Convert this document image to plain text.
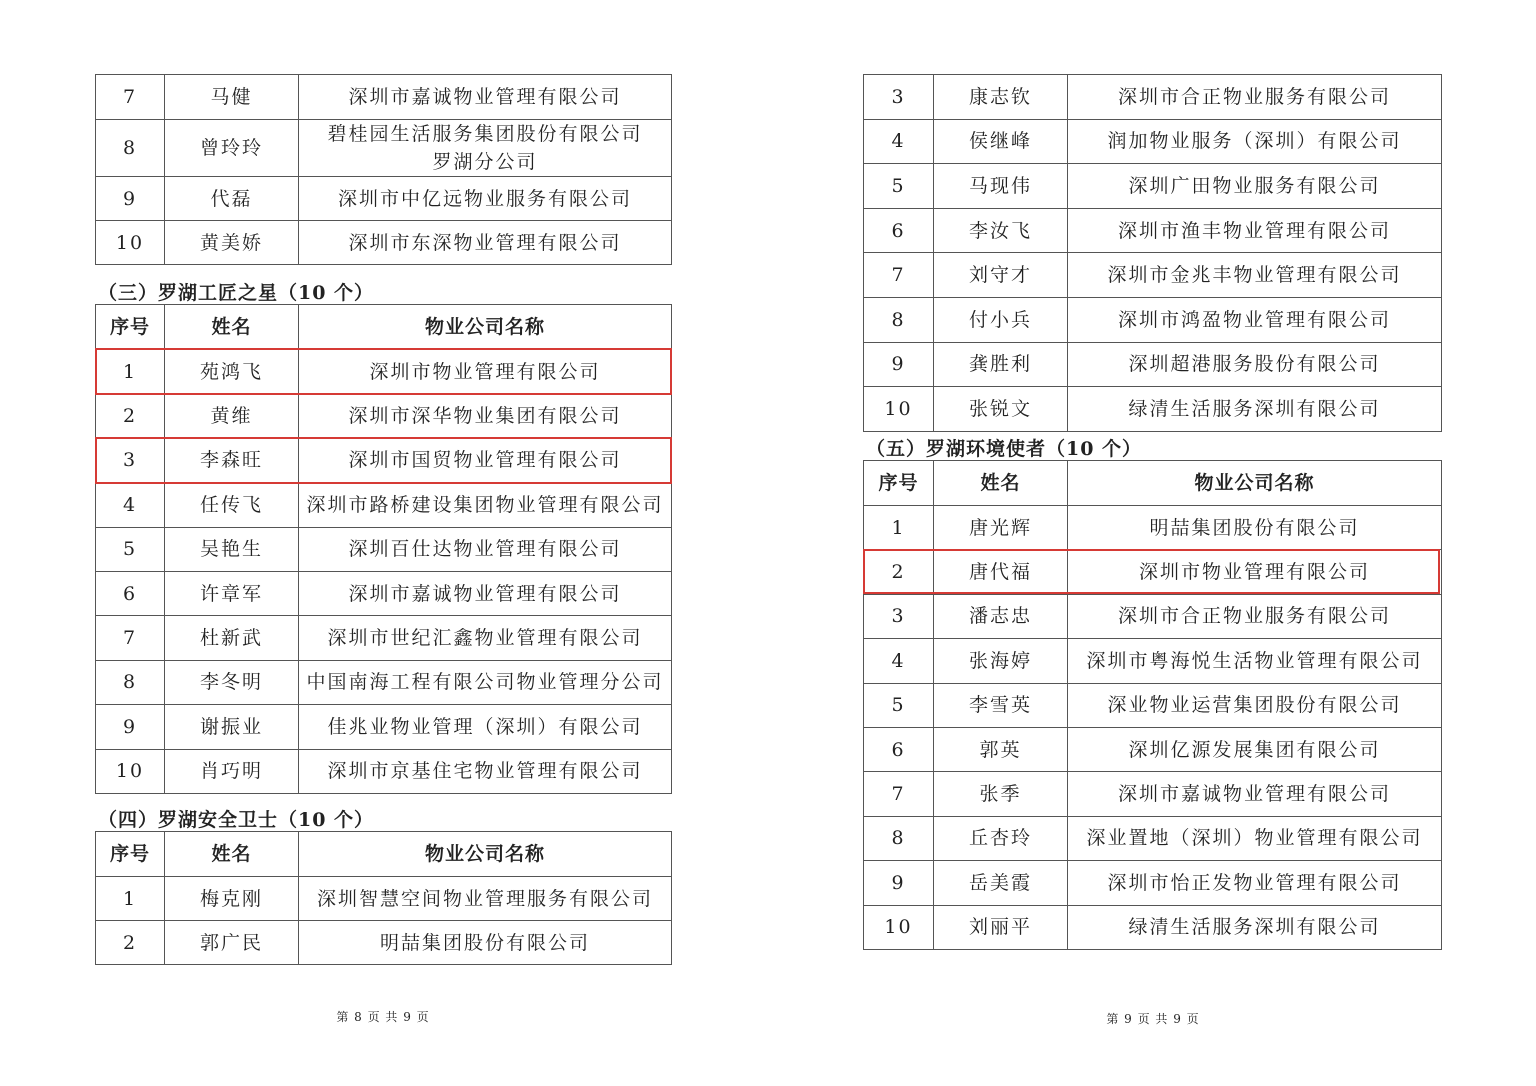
7	马健	深圳市嘉诚物业管理有限公司
8	曾玲玲	碧桂园生活服务集团股份有限公司
罗湖分公司

9	代磊	深圳市中亿远物业服务有限公司
10	黄美娇	深圳市东深物业管理有限公司
（三）罗湖工匠之星（10 个）
序号	姓名	物业公司名称
1	苑鸿飞	深圳市物业管理有限公司
2	黄维	深圳市深华物业集团有限公司
3	李森旺	深圳市国贸物业管理有限公司
4	任传飞	深圳市路桥建设集团物业管理有限公司
5	吴艳生	深圳百仕达物业管理有限公司
6	许章军	深圳市嘉诚物业管理有限公司
7	杜新武	深圳市世纪汇鑫物业管理有限公司
8	李冬明	中国南海工程有限公司物业管理分公司
9	谢振业	佳兆业物业管理（深圳）有限公司
10	肖巧明	深圳市京基住宅物业管理有限公司
（四）罗湖安全卫士（10 个）
序号	姓名	物业公司名称
1	梅克刚	深圳智慧空间物业管理服务有限公司
2	郭广民	明喆集团股份有限公司
第 8 页 共 9 页
3	康志钦	深圳市合正物业服务有限公司
4	侯继峰	润加物业服务（深圳）有限公司
5	马现伟	深圳广田物业服务有限公司
6	李汝飞	深圳市渔丰物业管理有限公司
7	刘守才	深圳市金兆丰物业管理有限公司
8	付小兵	深圳市鸿盈物业管理有限公司
9	龚胜利	深圳超港服务股份有限公司
10	张锐文	绿清生活服务深圳有限公司
（五）罗湖环境使者（10 个）
序号	姓名	物业公司名称
1	唐光辉	明喆集团股份有限公司
2	唐代福	深圳市物业管理有限公司
3	潘志忠	深圳市合正物业服务有限公司
4	张海婷	深圳市粤海悦生活物业管理有限公司
5	李雪英	深业物业运营集团股份有限公司
6	郭英	深圳亿源发展集团有限公司
7	张季	深圳市嘉诚物业管理有限公司
8	丘杏玲	深业置地（深圳）物业管理有限公司
9	岳美霞	深圳市怡正发物业管理有限公司
10	刘丽平	绿清生活服务深圳有限公司
第 9 页 共 9 页
